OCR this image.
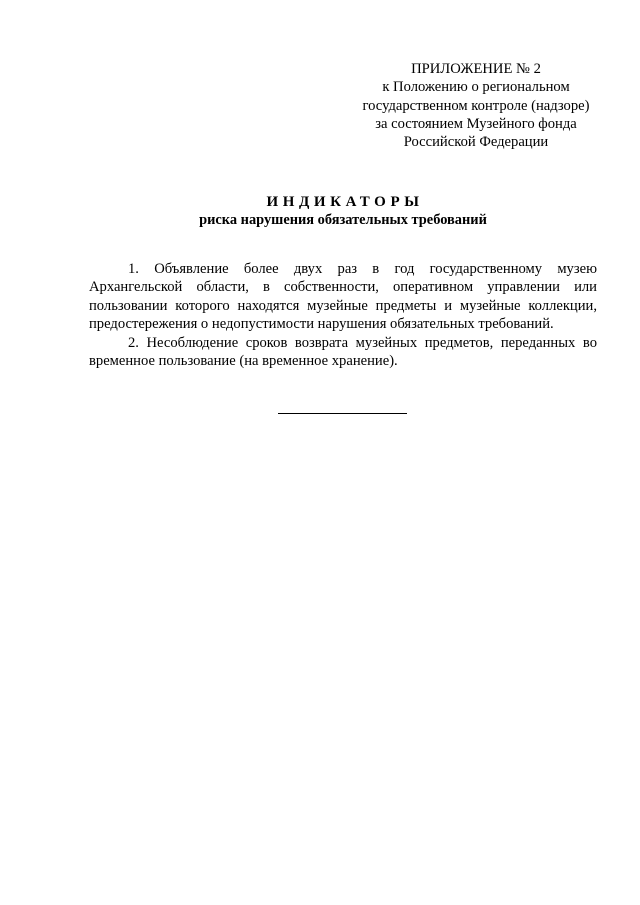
ПРИЛОЖЕНИЕ № 2
к Положению о региональном
государственном контроле (надзоре)
за состоянием Музейного фонда
Российской Федерации
ИНДИКАТОРЫ
риска нарушения обязательных требований

1. Объявление более двух раз в год государственному музею Архангельской области, в собственности, оперативном управлении или пользовании которого находятся музейные предметы и музейные коллекции, предостережения о недопустимости нарушения обязательных требований.

2. Несоблюдение сроков возврата музейных предметов, переданных во временное пользование (на временное хранение).
